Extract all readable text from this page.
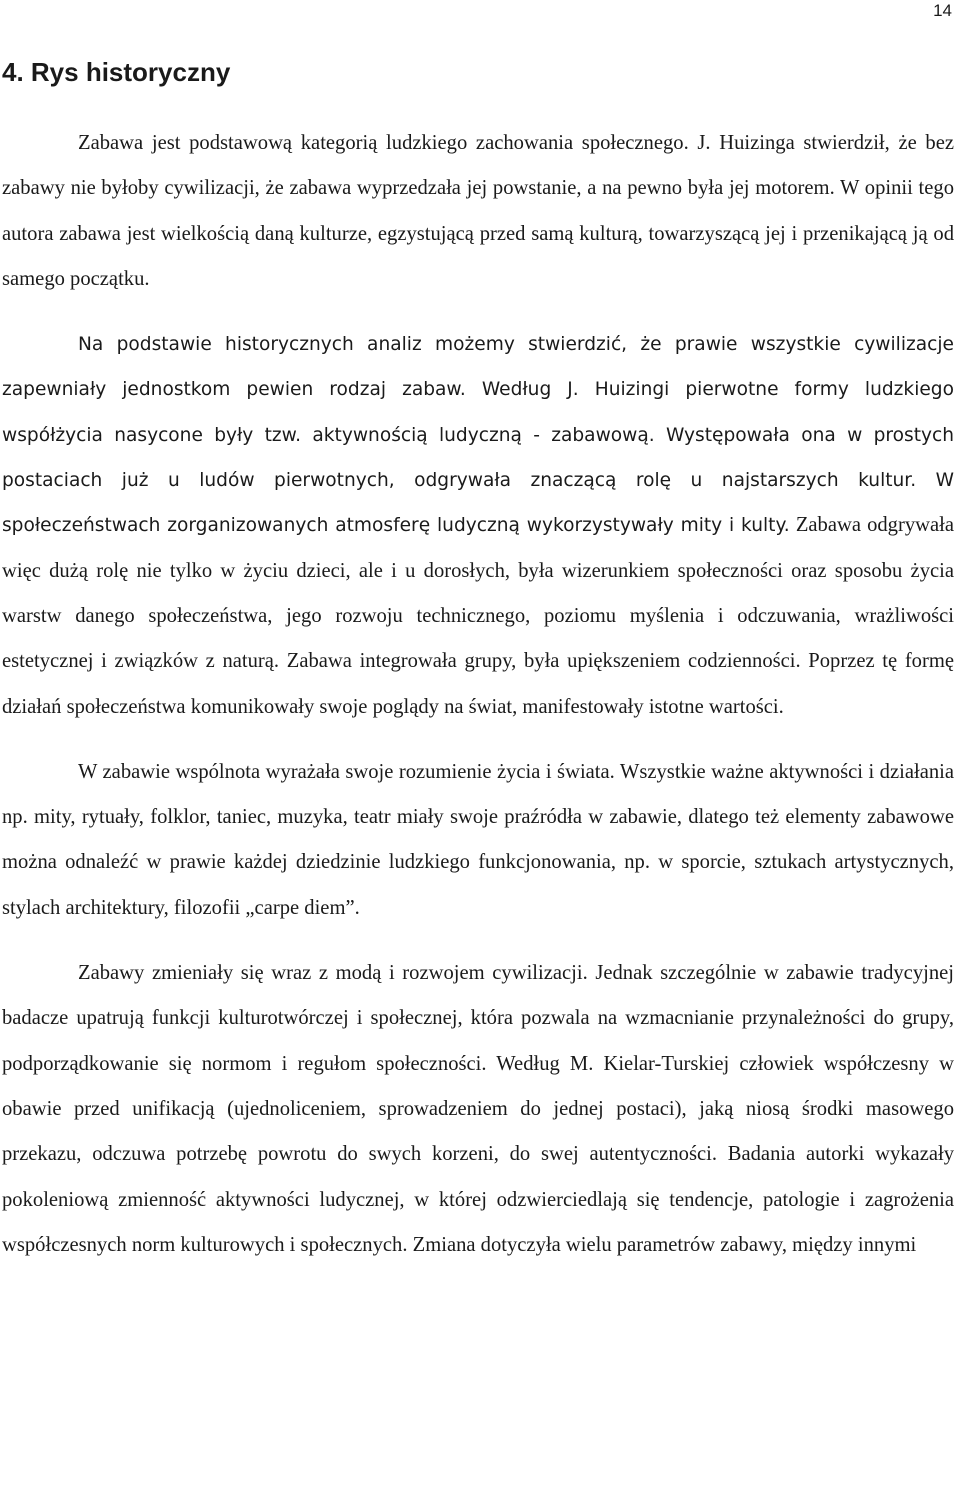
14
4. Rys historyczny

Zabawa jest podstawową kategorią ludzkiego zachowania społecznego. J. Huizinga stwierdził, że bez zabawy nie byłoby cywilizacji, że zabawa wyprzedzała jej powstanie, a na pewno była jej motorem. W opinii tego autora zabawa jest wielkością daną kulturze, egzystującą przed samą kulturą, towarzyszącą jej i przenikającą ją od samego początku.

Na podstawie historycznych analiz możemy stwierdzić, że prawie wszystkie cywilizacje zapewniały jednostkom pewien rodzaj zabaw. Według J. Huizingi pierwotne formy ludzkiego współżycia nasycone były tzw. aktywnością ludyczną - zabawową. Występowała ona w prostych postaciach już u ludów pierwotnych, odgrywała znaczącą rolę u najstarszych kultur. W społeczeństwach zorganizowanych atmosferę ludyczną wykorzystywały mity i kulty. Zabawa odgrywała więc dużą rolę nie tylko w życiu dzieci, ale i u dorosłych, była wizerunkiem społeczności oraz sposobu życia warstw danego społeczeństwa, jego rozwoju technicznego, poziomu myślenia i odczuwania, wrażliwości estetycznej i związków z naturą. Zabawa integrowała grupy, była upiększeniem codzienności. Poprzez tę formę działań społeczeństwa komunikowały swoje poglądy na świat, manifestowały istotne wartości.

W zabawie wspólnota wyrażała swoje rozumienie życia i świata. Wszystkie ważne aktywności i działania np. mity, rytuały, folklor, taniec, muzyka, teatr miały swoje praźródła w zabawie, dlatego też elementy zabawowe można odnaleźć w prawie każdej dziedzinie ludzkiego funkcjonowania, np. w sporcie, sztukach artystycznych, stylach architektury, filozofii „carpe diem”.

Zabawy zmieniały się wraz z modą i rozwojem cywilizacji. Jednak szczególnie w zabawie tradycyjnej badacze upatrują funkcji kulturotwórczej i społecznej, która pozwala na wzmacnianie przynależności do grupy, podporządkowanie się normom i regułom społeczności. Według M. Kielar-Turskiej człowiek współczesny w obawie przed unifikacją (ujednoliceniem, sprowadzeniem do jednej postaci), jaką niosą środki masowego przekazu, odczuwa potrzebę powrotu do swych korzeni, do swej autentyczności. Badania autorki wykazały pokoleniową zmienność aktywności ludycznej, w której odzwierciedlają się tendencje, patologie i zagrożenia współczesnych norm kulturowych i społecznych. Zmiana dotyczyła wielu parametrów zabawy, między innymi
